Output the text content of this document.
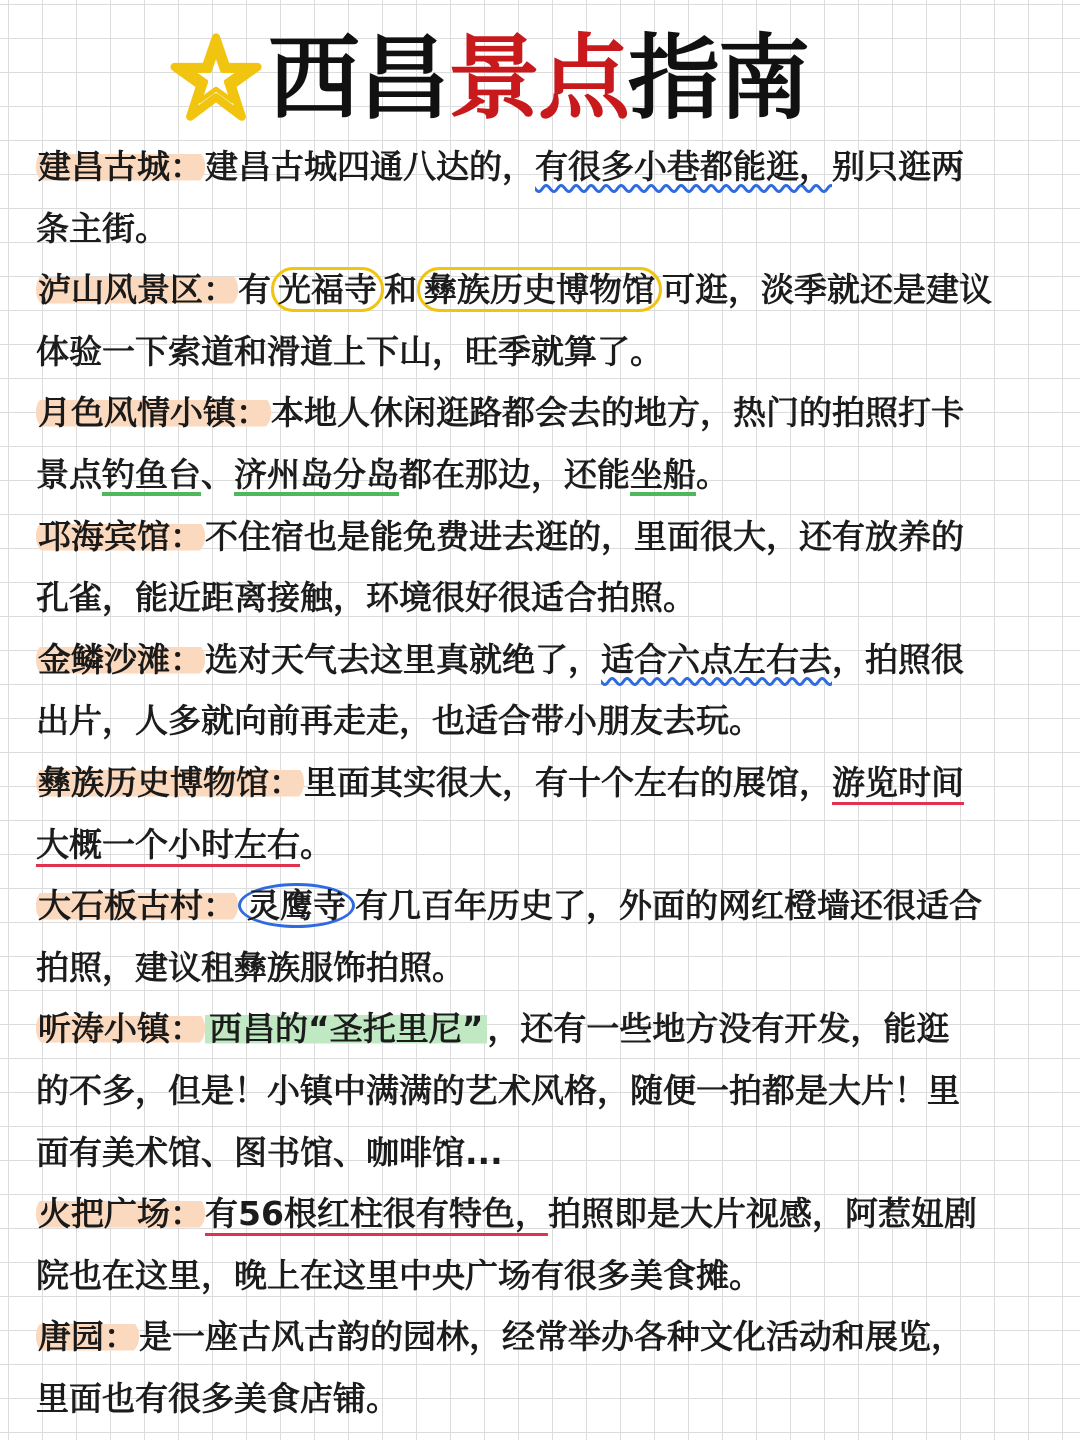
西昌景点指南
建昌古城：建昌古城四通八达的，有很多小巷都能逛，别只逛两
条主街。
泸山风景区：有 光福寺 和 彝族历史博物馆 可逛，淡季就还是建议
体验一下索道和滑道上下山，旺季就算了。
月色风情小镇：本地人休闲逛路都会去的地方，热门的拍照打卡
景点钓鱼台、济州岛分岛都在那边，还能坐船。
邛海宾馆：不住宿也是能免费进去逛的，里面很大，还有放养的
孔雀，能近距离接触，环境很好很适合拍照。
金鳞沙滩：选对天气去这里真就绝了，适合六点左右去，拍照很
出片，人多就向前再走走，也适合带小朋友去玩。
彝族历史博物馆：里面其实很大，有十个左右的展馆，游览时间
大概一个小时左右。
大石板古村： 灵鹰寺 有几百年历史了，外面的网红橙墙还很适合
拍照，建议租彝族服饰拍照。
听涛小镇： 西昌的“圣托里尼” ，还有一些地方没有开发，能逛
的不多，但是！小镇中满满的艺术风格，随便一拍都是大片！里
面有美术馆、图书馆、咖啡馆...
火把广场：有56根红柱很有特色，拍照即是大片视感，阿惹妞剧
院也在这里，晚上在这里中央广场有很多美食摊。
唐园：是一座古风古韵的园林，经常举办各种文化活动和展览，
里面也有很多美食店铺。
